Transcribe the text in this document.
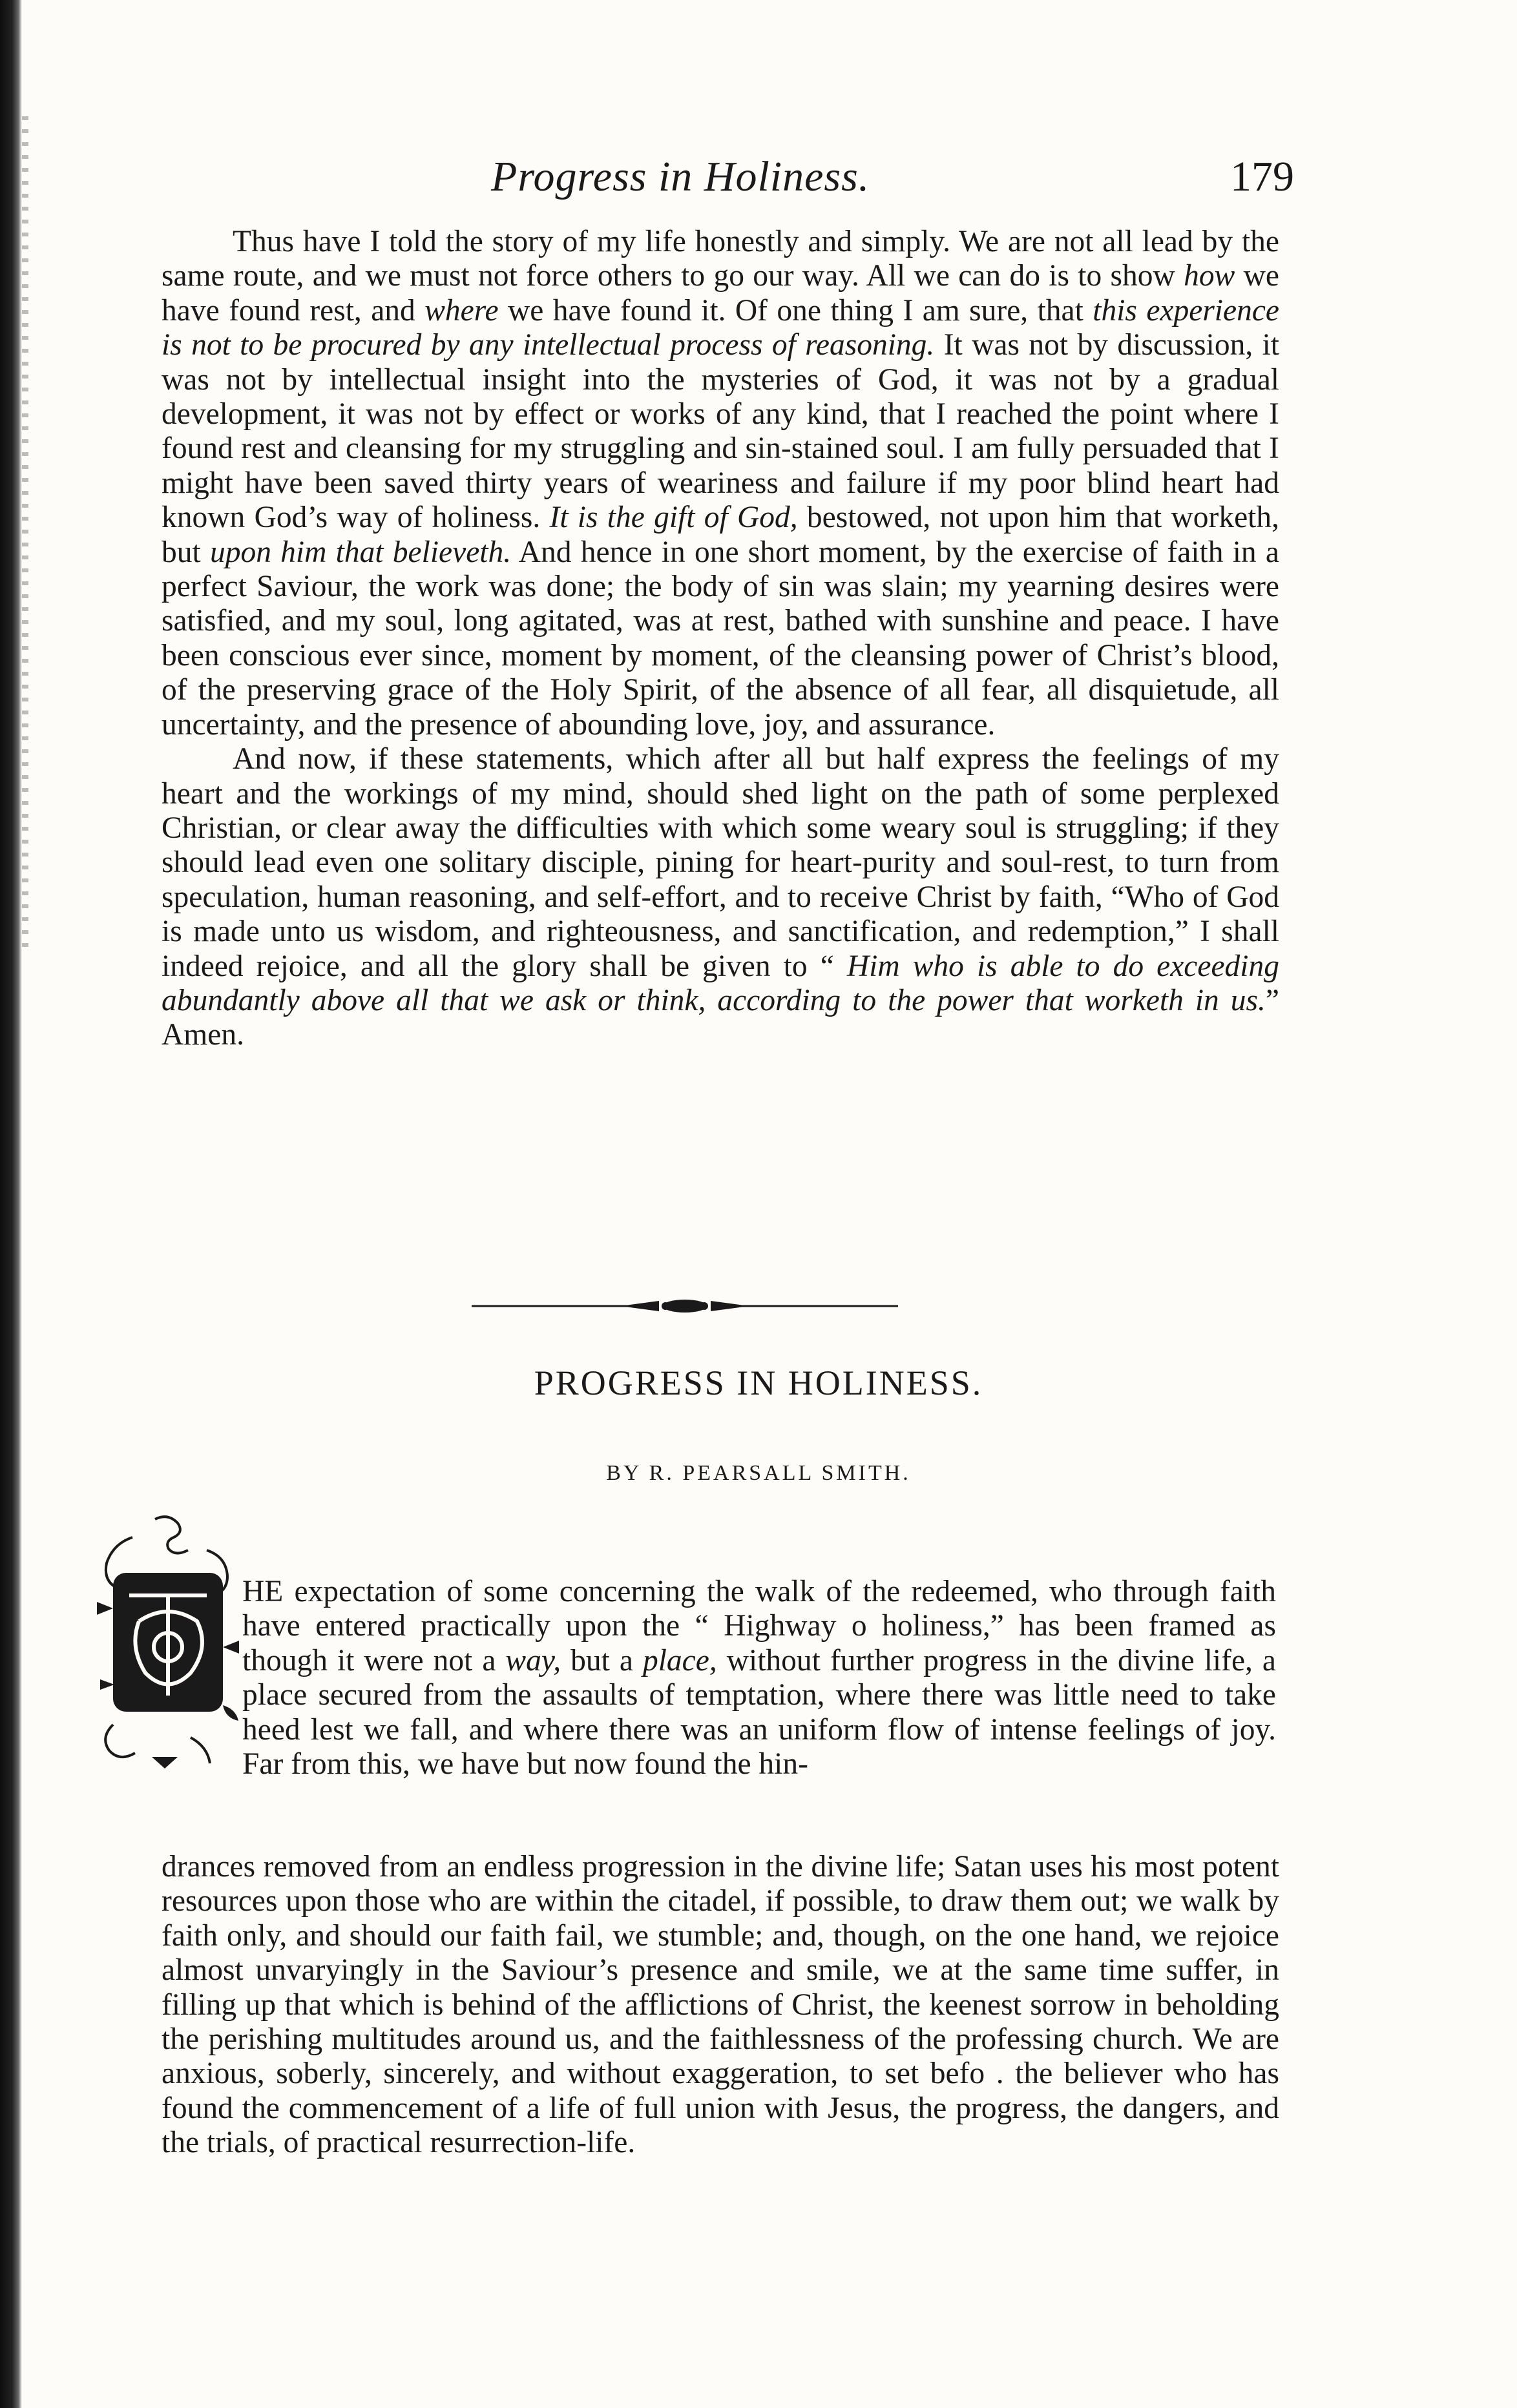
Progress in Holiness.	179

Thus have I told the story of my life honestly and simply. We are not all lead by the same route, and we must not force others to go our way. All we can do is to show how we have found rest, and where we have found it. Of one thing I am sure, that this experience is not to be procured by any intellectual process of reasoning. It was not by discussion, it was not by intellectual insight into the mysteries of God, it was not by a gradual development, it was not by effect or works of any kind, that I reached the point where I found rest and cleansing for my struggling and sin-stained soul. I am fully persuaded that I might have been saved thirty years of weariness and failure if my poor blind heart had known God’s way of holiness. It is the gift of God, bestowed, not upon him that worketh, but upon him that believeth. And hence in one short moment, by the exercise of faith in a perfect Saviour, the work was done; the body of sin was slain; my yearning desires were satisfied, and my soul, long agitated, was at rest, bathed with sunshine and peace. I have been conscious ever since, moment by moment, of the cleansing power of Christ’s blood, of the preserving grace of the Holy Spirit, of the absence of all fear, all disquietude, all uncertainty, and the presence of abounding love, joy, and assurance.

And now, if these statements, which after all but half express the feelings of my heart and the workings of my mind, should shed light on the path of some perplexed Christian, or clear away the difficulties with which some weary soul is struggling; if they should lead even one solitary disciple, pining for heart-purity and soul-rest, to turn from speculation, human reasoning, and self-effort, and to receive Christ by faith, “Who of God is made unto us wisdom, and righteousness, and sanctification, and redemption,” I shall indeed rejoice, and all the glory shall be given to “ Him who is able to do exceeding abundantly above all that we ask or think, according to the power that worketh in us.” Amen.

PROGRESS IN HOLINESS.
BY R. PEARSALL SMITH.

HE expectation of some concerning the walk of the redeemed, who through faith have entered practically upon the “ Highway o holiness,” has been framed as though it were not a way, but a place, without further progress in the divine life, a place secured from the assaults of temptation, where there was little need to take heed lest we fall, and where there was an uniform flow of intense feelings of joy. Far from this, we have but now found the hin-

drances removed from an endless progression in the divine life; Satan uses his most potent resources upon those who are within the citadel, if possible, to draw them out; we walk by faith only, and should our faith fail, we stumble; and, though, on the one hand, we rejoice almost unvaryingly in the Saviour’s presence and smile, we at the same time suffer, in filling up that which is behind of the afflictions of Christ, the keenest sorrow in beholding the perishing multitudes around us, and the faithlessness of the professing church. We are anxious, soberly, sincerely, and without exaggeration, to set befo . the believer who has found the commencement of a life of full union with Jesus, the progress, the dangers, and the trials, of practical resurrection-life.
